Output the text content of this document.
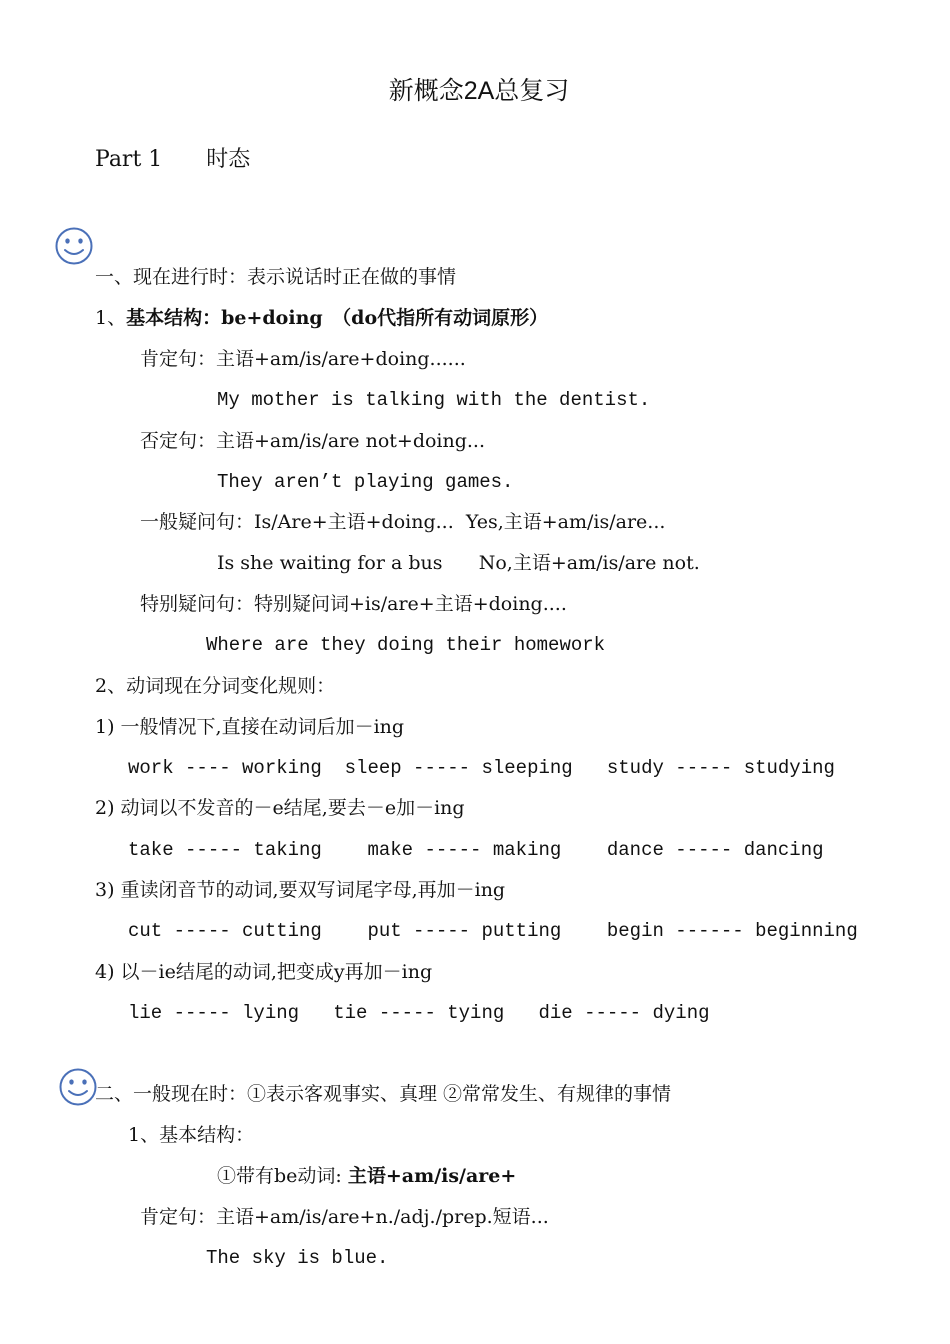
新概念2A总复习
Part 1　　时态
一、现在进行时：表示说话时正在做的事情
1、基本结构：be+doing　（do代指所有动词原形）
肯定句：主语+am/is/are+doing......
My mother is talking with the dentist.
否定句：主语+am/is/are not+doing...
They aren’t playing games.
一般疑问句：Is/Are+主语+doing...  Yes,主语+am/is/are...
Is she waiting for a bus      No,主语+am/is/are not.
特别疑问句：特别疑问词+is/are+主语+doing....
Where are they doing their homework
2、动词现在分词变化规则：
1) 一般情况下,直接在动词后加－ing
work ---- working  sleep ----- sleeping   study ----- studying
2) 动词以不发音的－e结尾,要去－e加－ing
take ----- taking    make ----- making    dance ----- dancing
3) 重读闭音节的动词,要双写词尾字母,再加－ing
cut ----- cutting    put ----- putting    begin ------ beginning
4) 以－ie结尾的动词,把变成y再加－ing
lie ----- lying   tie ----- tying   die ----- dying
二、一般现在时：①表示客观事实、真理 ②常常发生、有规律的事情
1、基本结构：
①带有be动词: 主语+am/is/are+
肯定句：主语+am/is/are+n./adj./prep.短语...
The sky is blue.
